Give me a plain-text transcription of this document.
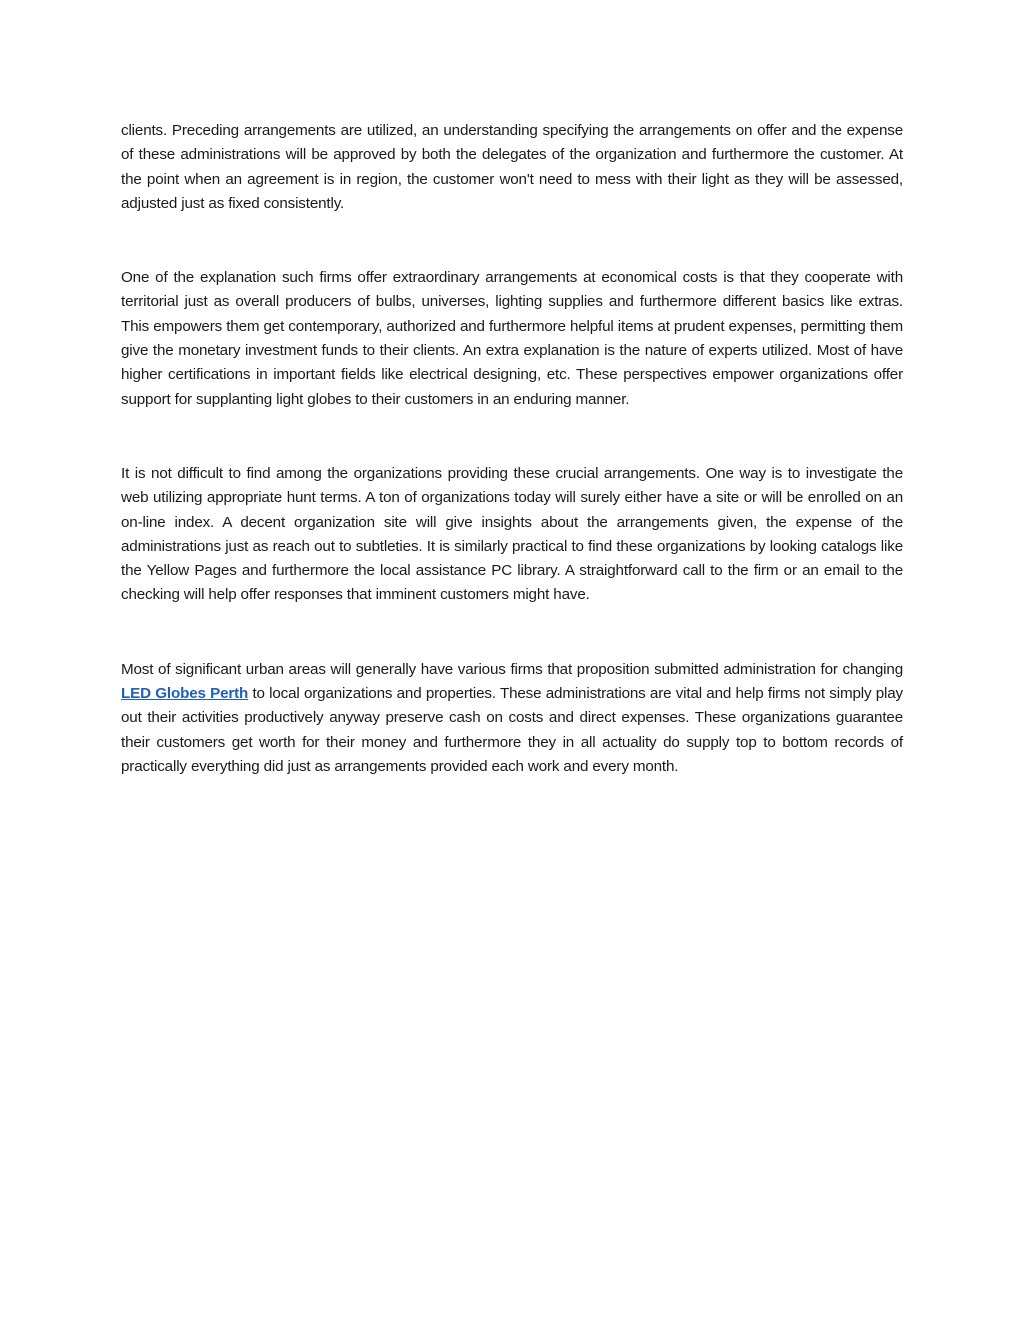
clients. Preceding arrangements are utilized, an understanding specifying the arrangements on offer and the expense of these administrations will be approved by both the delegates of the organization and furthermore the customer. At the point when an agreement is in region, the customer won't need to mess with their light as they will be assessed, adjusted just as fixed consistently.

One of the explanation such firms offer extraordinary arrangements at economical costs is that they cooperate with territorial just as overall producers of bulbs, universes, lighting supplies and furthermore different basics like extras. This empowers them get contemporary, authorized and furthermore helpful items at prudent expenses, permitting them give the monetary investment funds to their clients. An extra explanation is the nature of experts utilized. Most of have higher certifications in important fields like electrical designing, etc. These perspectives empower organizations offer support for supplanting light globes to their customers in an enduring manner.

It is not difficult to find among the organizations providing these crucial arrangements. One way is to investigate the web utilizing appropriate hunt terms. A ton of organizations today will surely either have a site or will be enrolled on an on-line index. A decent organization site will give insights about the arrangements given, the expense of the administrations just as reach out to subtleties. It is similarly practical to find these organizations by looking catalogs like the Yellow Pages and furthermore the local assistance PC library. A straightforward call to the firm or an email to the checking will help offer responses that imminent customers might have.

Most of significant urban areas will generally have various firms that proposition submitted administration for changing LED Globes Perth to local organizations and properties. These administrations are vital and help firms not simply play out their activities productively anyway preserve cash on costs and direct expenses. These organizations guarantee their customers get worth for their money and furthermore they in all actuality do supply top to bottom records of practically everything did just as arrangements provided each work and every month.
